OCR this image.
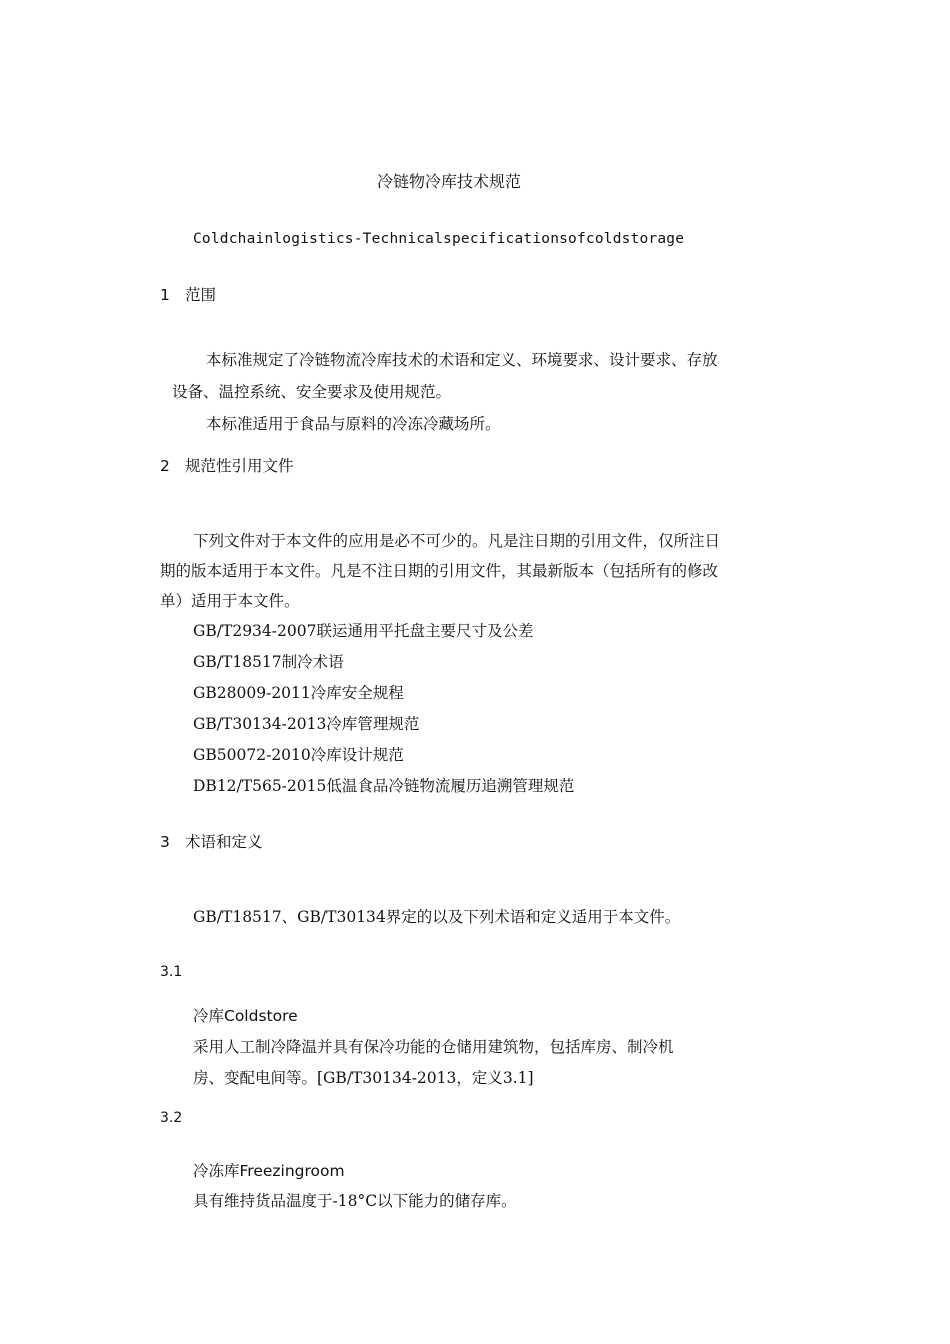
冷链物冷库技术规范
Coldchainlogistics-Technicalspecificationsofcoldstorage
1 范围
本标准规定了冷链物流冷库技术的术语和定义、环境要求、设计要求、存放
设备、温控系统、安全要求及使用规范。
本标准适用于食品与原料的冷冻冷藏场所。
2 规范性引用文件
下列文件对于本文件的应用是必不可少的。凡是注日期的引用文件，仅所注日
期的版本适用于本文件。凡是不注日期的引用文件，其最新版本（包括所有的修改
单）适用于本文件。
GB/T2934-2007联运通用平托盘主要尺寸及公差
GB/T18517制冷术语
GB28009-2011冷库安全规程
GB/T30134-2013冷库管理规范
GB50072-2010冷库设计规范
DB12/T565-2015低温食品冷链物流履历追溯管理规范
3 术语和定义
GB/T18517、GB/T30134界定的以及下列术语和定义适用于本文件。
3.1
冷库Coldstore
采用人工制冷降温并具有保冷功能的仓储用建筑物，包括库房、制冷机
房、变配电间等。[GB/T30134-2013，定义3.1]
3.2
冷冻库Freezingroom
具有维持货品温度于-18°C以下能力的储存库。
